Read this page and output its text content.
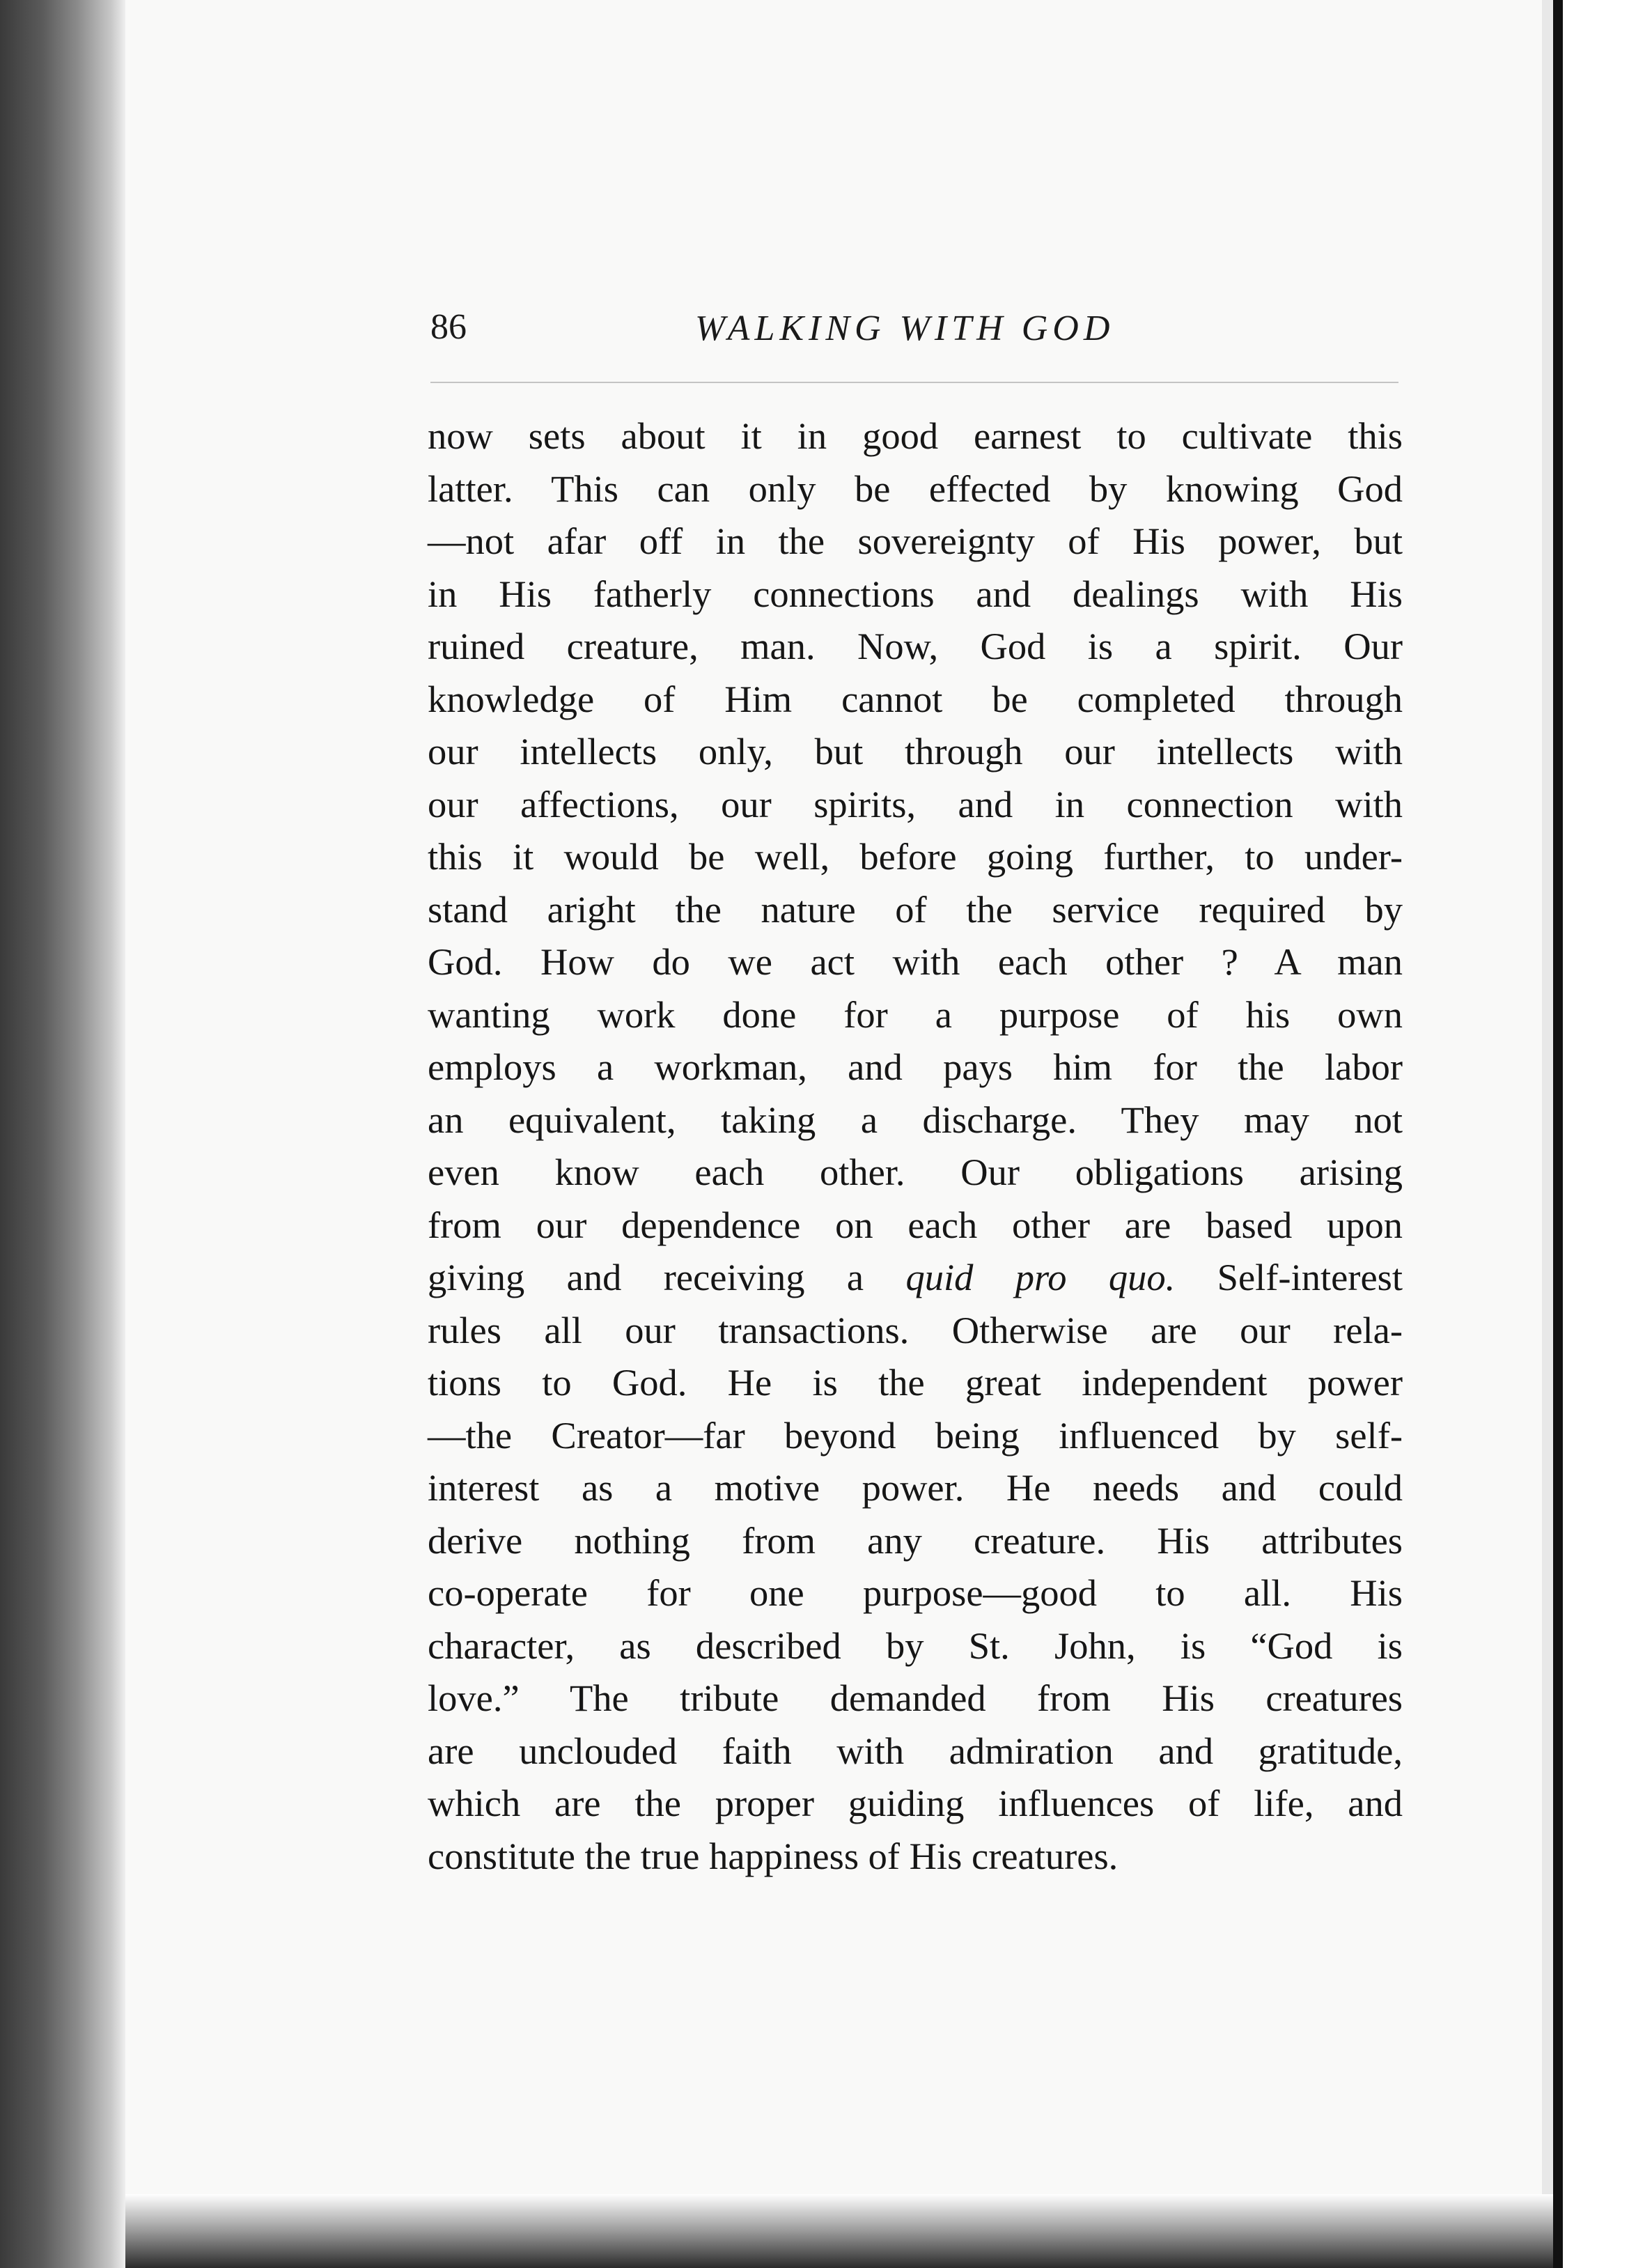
86	WALKING WITH GOD
now sets about it in good earnest to cultivate this
latter. This can only be effected by knowing God
—not afar off in the sovereignty of His power, but
in His fatherly connections and dealings with His
ruined creature, man. Now, God is a spirit. Our
knowledge of Him cannot be completed through
our intellects only, but through our intellects with
our affections, our spirits, and in connection with
this it would be well, before going further, to under-
stand aright the nature of the service required by
God. How do we act with each other ? A man
wanting work done for a purpose of his own
employs a workman, and pays him for the labor
an equivalent, taking a discharge. They may not
even know each other. Our obligations arising
from our dependence on each other are based upon
giving and receiving a quid pro quo. Self-interest
rules all our transactions. Otherwise are our rela-
tions to God. He is the great independent power
—the Creator—far beyond being influenced by self-
interest as a motive power. He needs and could
derive nothing from any creature. His attributes
co-operate for one purpose—good to all. His
character, as described by St. John, is “God is
love.” The tribute demanded from His creatures
are unclouded faith with admiration and gratitude,
which are the proper guiding influences of life, and
constitute the true happiness of His creatures.
